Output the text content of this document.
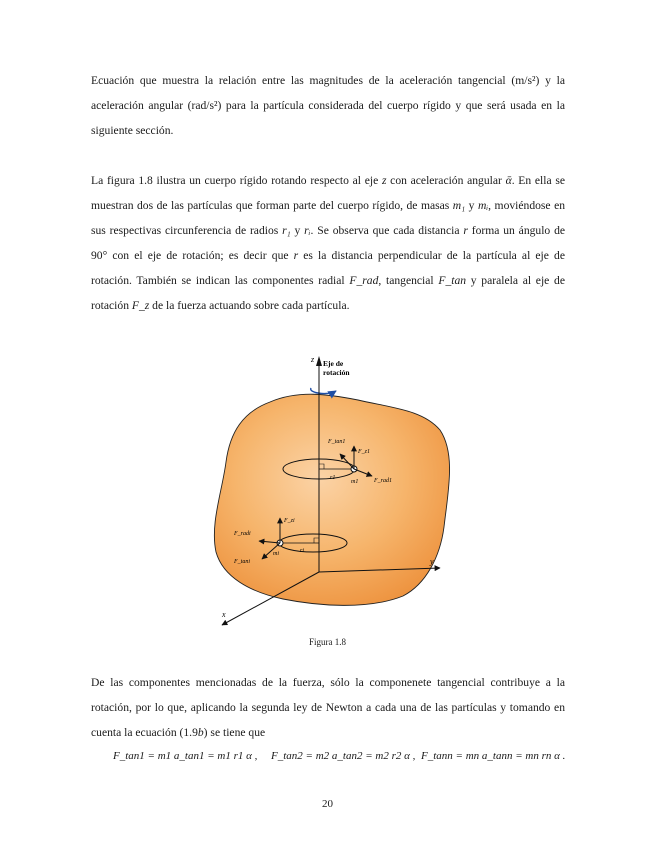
Ecuación que muestra la relación entre las magnitudes de la aceleración tangencial (m/s²) y la aceleración angular (rad/s²) para la partícula considerada del cuerpo rígido y que será usada en la siguiente sección.

La figura 1.8 ilustra un cuerpo rígido rotando respecto al eje z con aceleración angular ᾱ. En ella se muestran dos de las partículas que forman parte del cuerpo rígido, de masas m₁ y mᵢ, moviéndose en sus respectivas circunferencia de radios r₁ y rᵢ. Se observa que cada distancia r forma un ángulo de 90° con el eje de rotación; es decir que r es la distancia perpendicular de la partícula al eje de rotación. También se indican las componentes radial F_rad, tangencial F_tan y paralela al eje de rotación F_z de la fuerza actuando sobre cada partícula.

z Eje de
rotación
y
x
r1
F_tan1
F_z1
F_rad1
m1
ri
F_zi
F_radi
F_tani
mi
Figura 1.8

De las componentes mencionadas de la fuerza, sólo la componenete tangencial contribuye a la rotación, por lo que, aplicando la segunda ley de Newton a cada una de las partículas y tomando en cuenta la ecuación (1.9b) se tiene que

F_tan1 = m1 a_tan1 = m1 r1 α , F_tan2 = m2 a_tan2 = m2 r2 α , F_tann = mn a_tann = mn rn α .
20
